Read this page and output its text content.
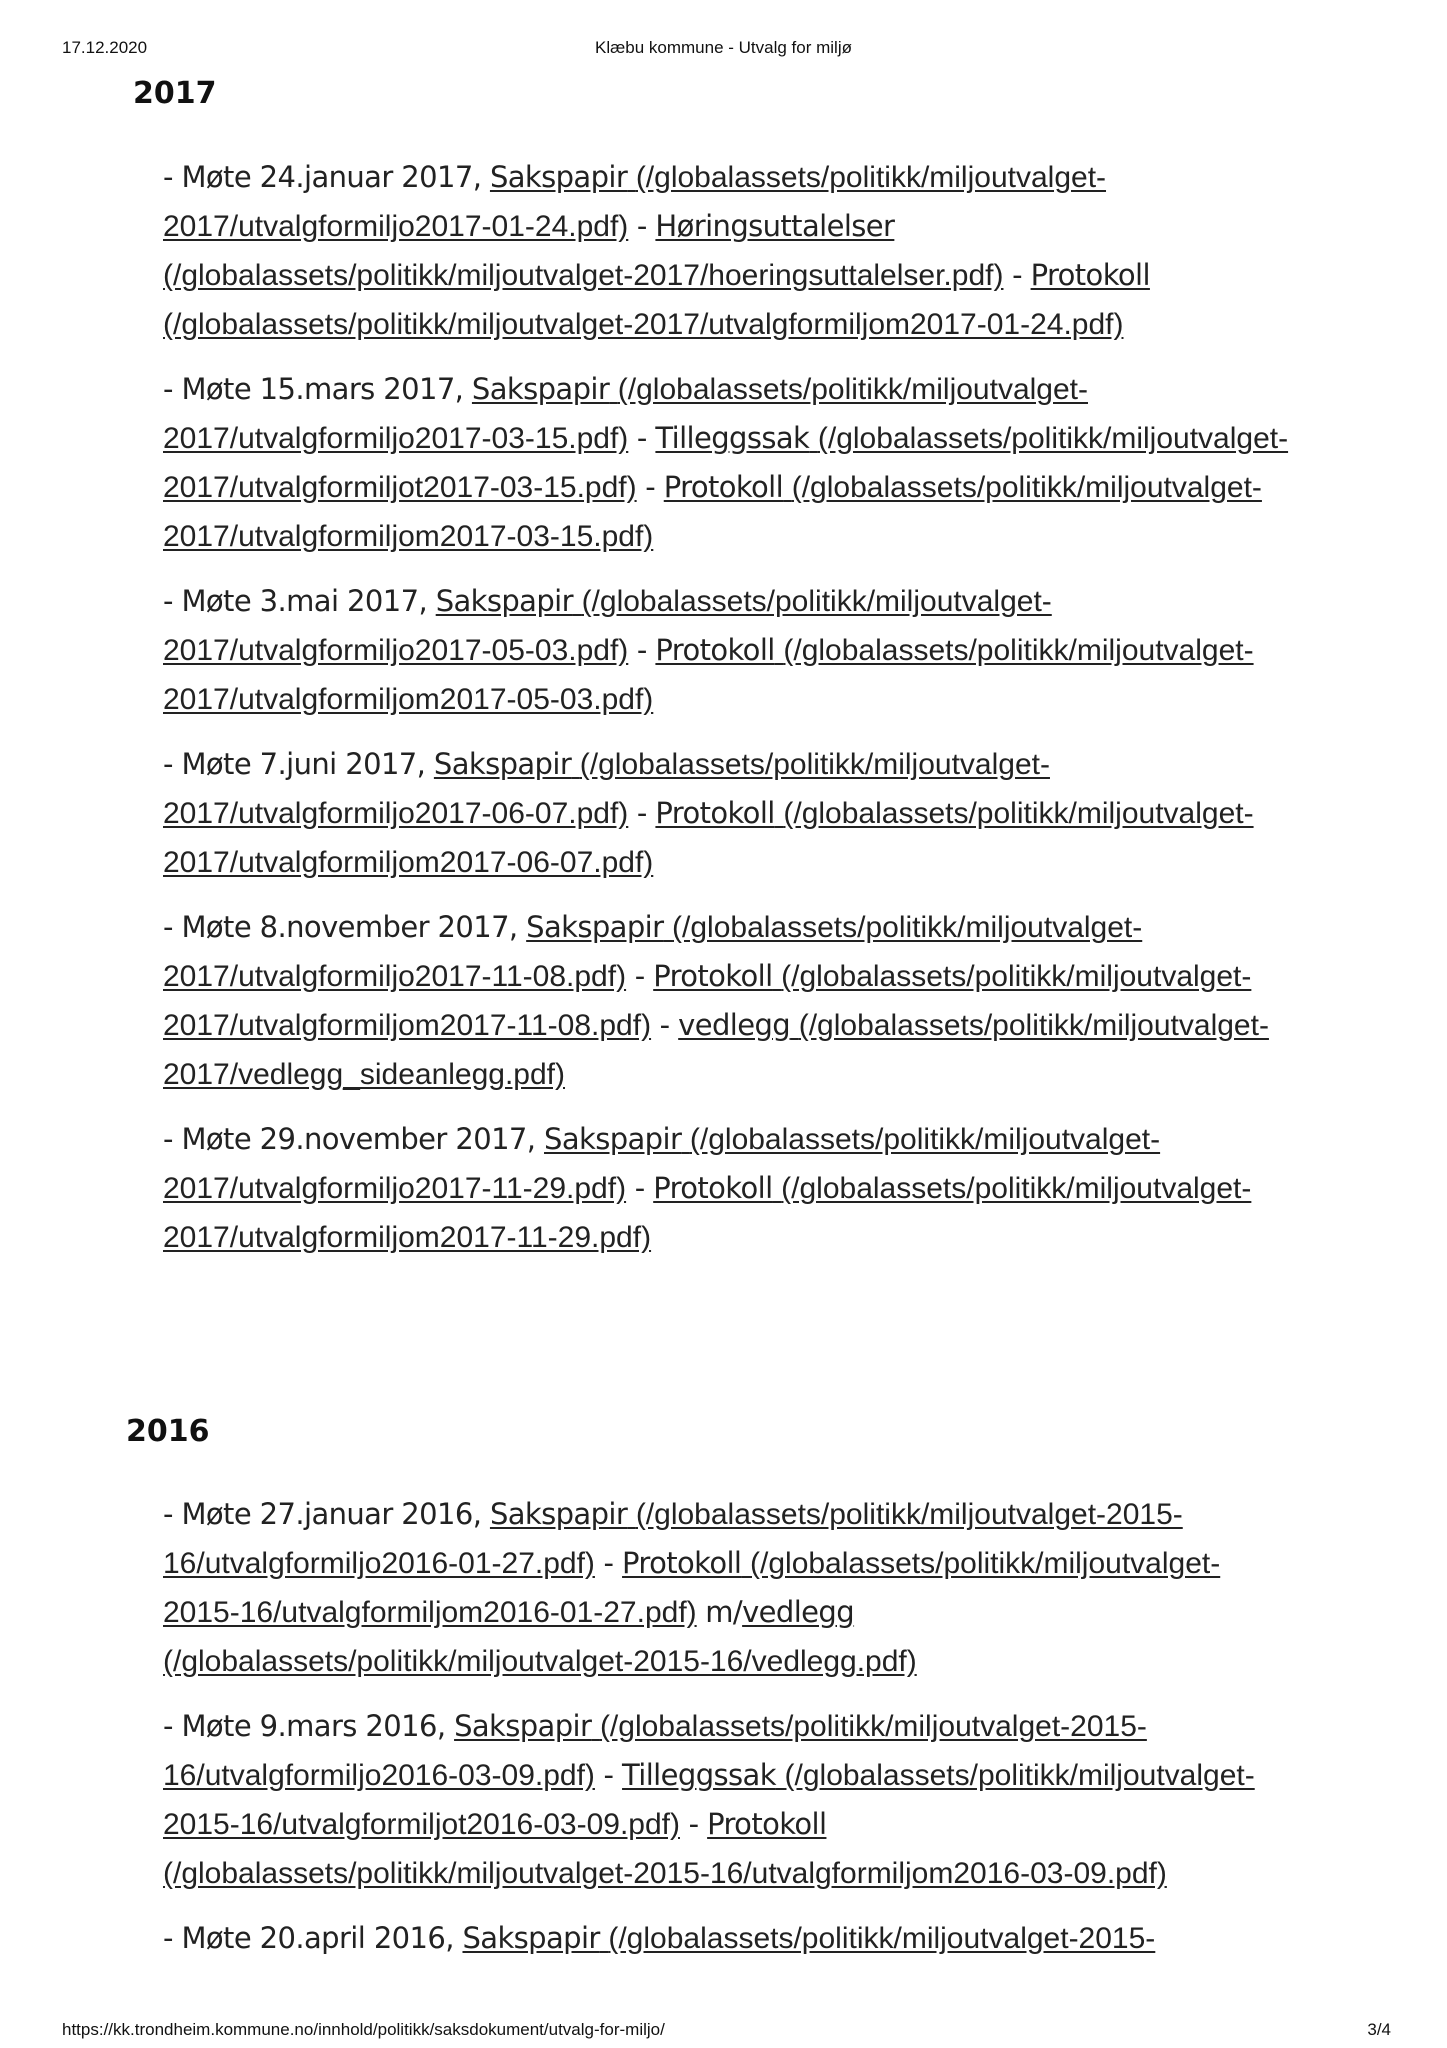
17.12.2020	Klæbu kommune - Utvalg for miljø
2017

- Møte 24.januar 2017, Sakspapir (/globalassets/politikk/miljoutvalget-2017/utvalgformiljo2017-01-24.pdf) - Høringsuttalelser (/globalassets/politikk/miljoutvalget-2017/hoeringsuttalelser.pdf) - Protokoll (/globalassets/politikk/miljoutvalget-2017/utvalgformiljom2017-01-24.pdf)

- Møte 15.mars 2017, Sakspapir (/globalassets/politikk/miljoutvalget-2017/utvalgformiljo2017-03-15.pdf) - Tilleggssak (/globalassets/politikk/miljoutvalget-2017/utvalgformiljot2017-03-15.pdf) - Protokoll (/globalassets/politikk/miljoutvalget-2017/utvalgformiljom2017-03-15.pdf)

- Møte 3.mai 2017, Sakspapir (/globalassets/politikk/miljoutvalget-2017/utvalgformiljo2017-05-03.pdf) - Protokoll (/globalassets/politikk/miljoutvalget-2017/utvalgformiljom2017-05-03.pdf)

- Møte 7.juni 2017, Sakspapir (/globalassets/politikk/miljoutvalget-2017/utvalgformiljo2017-06-07.pdf) - Protokoll (/globalassets/politikk/miljoutvalget-2017/utvalgformiljom2017-06-07.pdf)

- Møte 8.november 2017, Sakspapir (/globalassets/politikk/miljoutvalget-2017/utvalgformiljo2017-11-08.pdf) - Protokoll (/globalassets/politikk/miljoutvalget-2017/utvalgformiljom2017-11-08.pdf) - vedlegg (/globalassets/politikk/miljoutvalget-2017/vedlegg_sideanlegg.pdf)

- Møte 29.november 2017, Sakspapir (/globalassets/politikk/miljoutvalget-2017/utvalgformiljo2017-11-29.pdf) - Protokoll (/globalassets/politikk/miljoutvalget-2017/utvalgformiljom2017-11-29.pdf)

2016

- Møte 27.januar 2016, Sakspapir (/globalassets/politikk/miljoutvalget-2015-16/utvalgformiljo2016-01-27.pdf) - Protokoll (/globalassets/politikk/miljoutvalget-2015-16/utvalgformiljom2016-01-27.pdf) m/vedlegg (/globalassets/politikk/miljoutvalget-2015-16/vedlegg.pdf)

- Møte 9.mars 2016, Sakspapir (/globalassets/politikk/miljoutvalget-2015-16/utvalgformiljo2016-03-09.pdf) - Tilleggssak (/globalassets/politikk/miljoutvalget-2015-16/utvalgformiljot2016-03-09.pdf) - Protokoll (/globalassets/politikk/miljoutvalget-2015-16/utvalgformiljom2016-03-09.pdf)

- Møte 20.april 2016, Sakspapir (/globalassets/politikk/miljoutvalget-2015-

https://kk.trondheim.kommune.no/innhold/politikk/saksdokument/utvalg-for-miljo/	3/4
